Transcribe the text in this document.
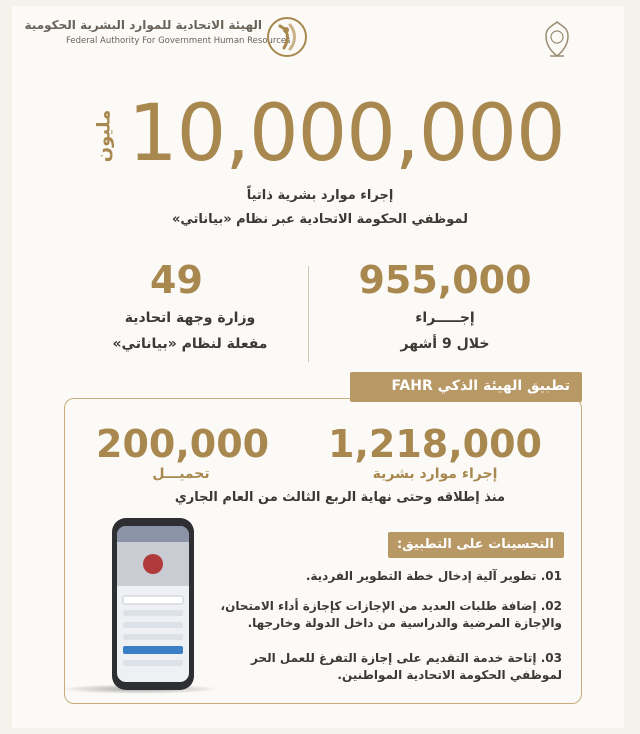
الهيئة الاتحادية للموارد البشرية الحكومية
Federal Authority For Government Human Resources
مليون 10,000,000
إجراء موارد بشرية ذاتياً
لموظفي الحكومة الاتحادية عبر نظام «بياناتي»
49
وزارة وجهة اتحادية
مفعلة لنظام «بياناتي»
955,000
إجـــــراء
خلال 9 أشهر
تطبيق الهيئة الذكي FAHR
200,000
تحميـــل
1,218,000
إجراء موارد بشرية
منذ إطلاقه وحتى نهاية الربع الثالث من العام الجاري
التحسينات على التطبيق:
01. تطوير آلية إدخال خطة التطوير الفردية.
02. إضافة طلبات العديد من الإجازات كإجازة أداء الامتحان،
والإجازة المرضية والدراسية من داخل الدولة وخارجها.
03. إتاحة خدمة التقديم على إجازة التفرغ للعمل الحر
لموظفي الحكومة الاتحادية المواطنين.
